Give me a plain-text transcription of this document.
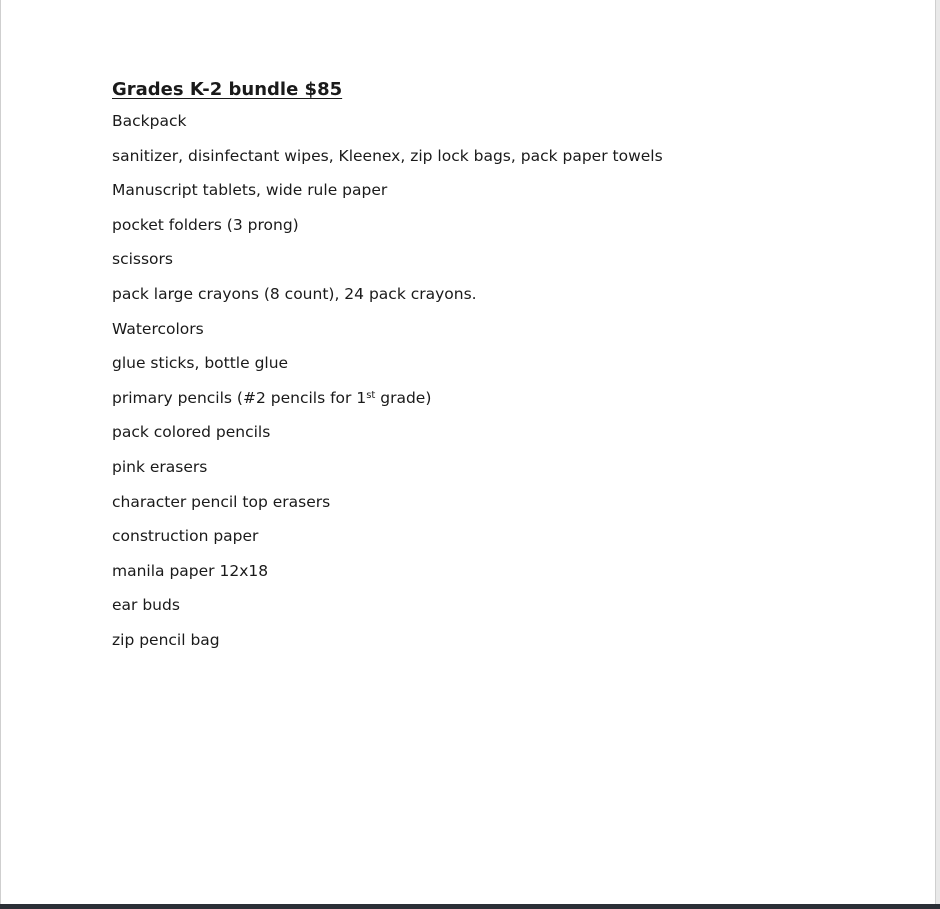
Grades K-2 bundle $85
Backpack
sanitizer, disinfectant wipes, Kleenex, zip lock bags, pack paper towels
Manuscript tablets, wide rule paper
pocket folders (3 prong)
scissors
pack large crayons (8 count), 24 pack crayons.
Watercolors
glue sticks, bottle glue
primary pencils (#2 pencils for 1st grade)
pack colored pencils
pink erasers
character pencil top erasers
construction paper
manila paper 12x18
ear buds
zip pencil bag
